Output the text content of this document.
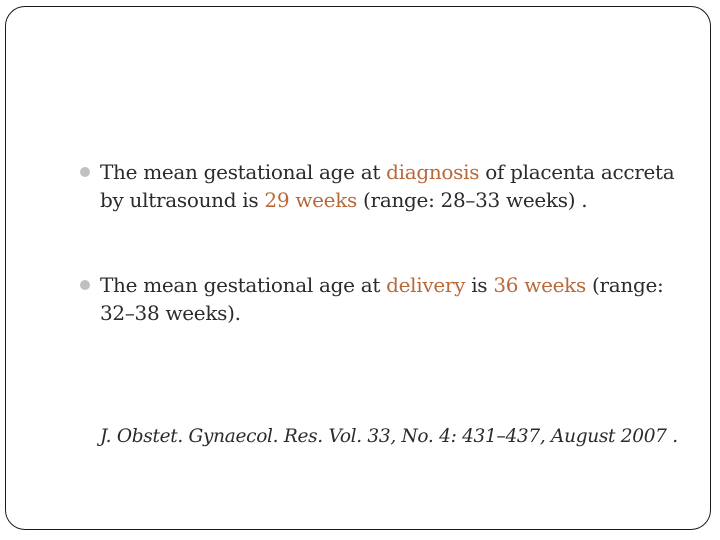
The mean gestational age at diagnosis of placenta accreta by ultrasound is 29 weeks (range: 28–33 weeks) .
The mean gestational age at delivery is 36 weeks (range: 32–38 weeks).
J. Obstet. Gynaecol. Res. Vol. 33, No. 4: 431–437, August 2007 .
